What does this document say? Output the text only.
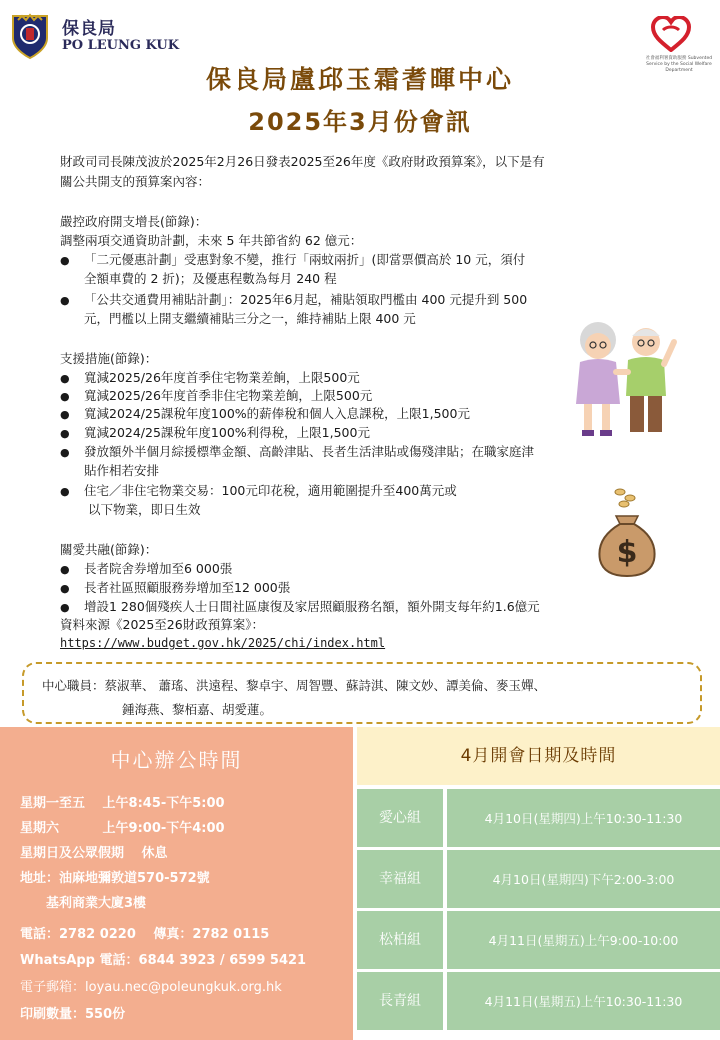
保良局
PO LEUNG KUK
社會福利署資助服務 Subvented Service by the Social Welfare Department
保良局盧邱玉霜耆暉中心
2025年3月份會訊
財政司司長陳茂波於2025年2月26日發表2025至26年度《政府財政預算案》，以下是有
關公共開支的預算案內容：
嚴控政府開支增長(節錄)：
調整兩項交通資助計劃，未來 5 年共節省約 62 億元：
●
「二元優惠計劃」受惠對象不變，推行「兩蚊兩折」(即當票價高於 10 元，須付
全額車費的 2 折)；及優惠程數為每月 240 程
●
「公共交通費用補貼計劃」：2025年6月起，補貼領取門檻由 400 元提升到 500
元，門檻以上開支繼續補貼三分之一，維持補貼上限 400 元
支援措施(節錄)：
●
寬減2025/26年度首季住宅物業差餉，上限500元
●
寬減2025/26年度首季非住宅物業差餉，上限500元
●
寬減2024/25課稅年度100%的薪俸稅和個人入息課稅，上限1,500元
●
寬減2024/25課稅年度100%利得稅，上限1,500元
●
發放額外半個月綜援標準金額、高齡津貼、長者生活津貼或傷殘津貼；在職家庭津
貼作相若安排
●
住宅／非住宅物業交易：100元印花稅，適用範圍提升至400萬元或
以下物業，即日生效
$
關愛共融(節錄)：
●
長者院舍券增加至6 000張
●
長者社區照顧服務券增加至12 000張
●
增設1 280個殘疾人士日間社區康復及家居照顧服務名額，額外開支每年約1.6億元
資料來源《2025至26財政預算案》：
https://www.budget.gov.hk/2025/chi/index.html
中心職員：蔡淑華、 蕭瑤、洪遠程、黎卓宇、周智豐、蘇詩淇、陳文妙、譚美倫、麥玉嬋、
鍾海燕、黎栢嘉、胡愛蓮。
中心辦公時間
星期一至五　 上午8:45-下午5:00
星期六　　　 上午9:00-下午4:00
星期日及公眾假期　 休息
地址：油麻地彌敦道570-572號
　　基利商業大廈3樓
電話：2782 0220　 傳真：2782 0115
WhatsApp 電話：6844 3923 / 6599 5421
電子郵箱：loyau.nec@poleungkuk.org.hk
印刷數量：550份
4月開會日期及時間
愛心組	4月10日(星期四)上午10:30-11:30
幸福組	4月10日(星期四)下午2:00-3:00
松柏組	4月11日(星期五)上午9:00-10:00
長青組	4月11日(星期五)上午10:30-11:30
